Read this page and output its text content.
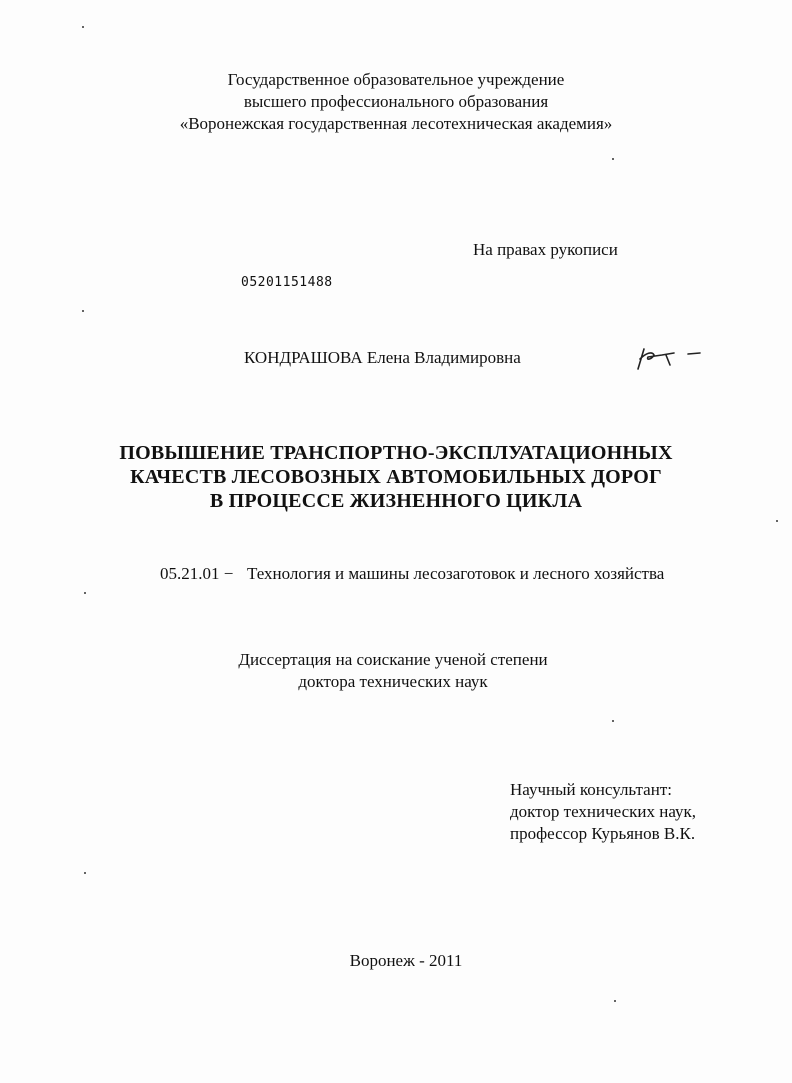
Государственное образовательное учреждение
высшего профессионального образования
«Воронежская государственная лесотехническая академия»
На правах рукописи
05201151488
КОНДРАШОВА Елена Владимировна
ПОВЫШЕНИЕ ТРАНСПОРТНО-ЭКСПЛУАТАЦИОННЫХ
КАЧЕСТВ ЛЕСОВОЗНЫХ АВТОМОБИЛЬНЫХ ДОРОГ
В ПРОЦЕССЕ ЖИЗНЕННОГО ЦИКЛА
05.21.01 − Технология и машины лесозаготовок и лесного хозяйства
Диссертация на соискание ученой степени
доктора технических наук
Научный консультант:
доктор технических наук,
профессор Курьянов В.К.
Воронеж - 2011
